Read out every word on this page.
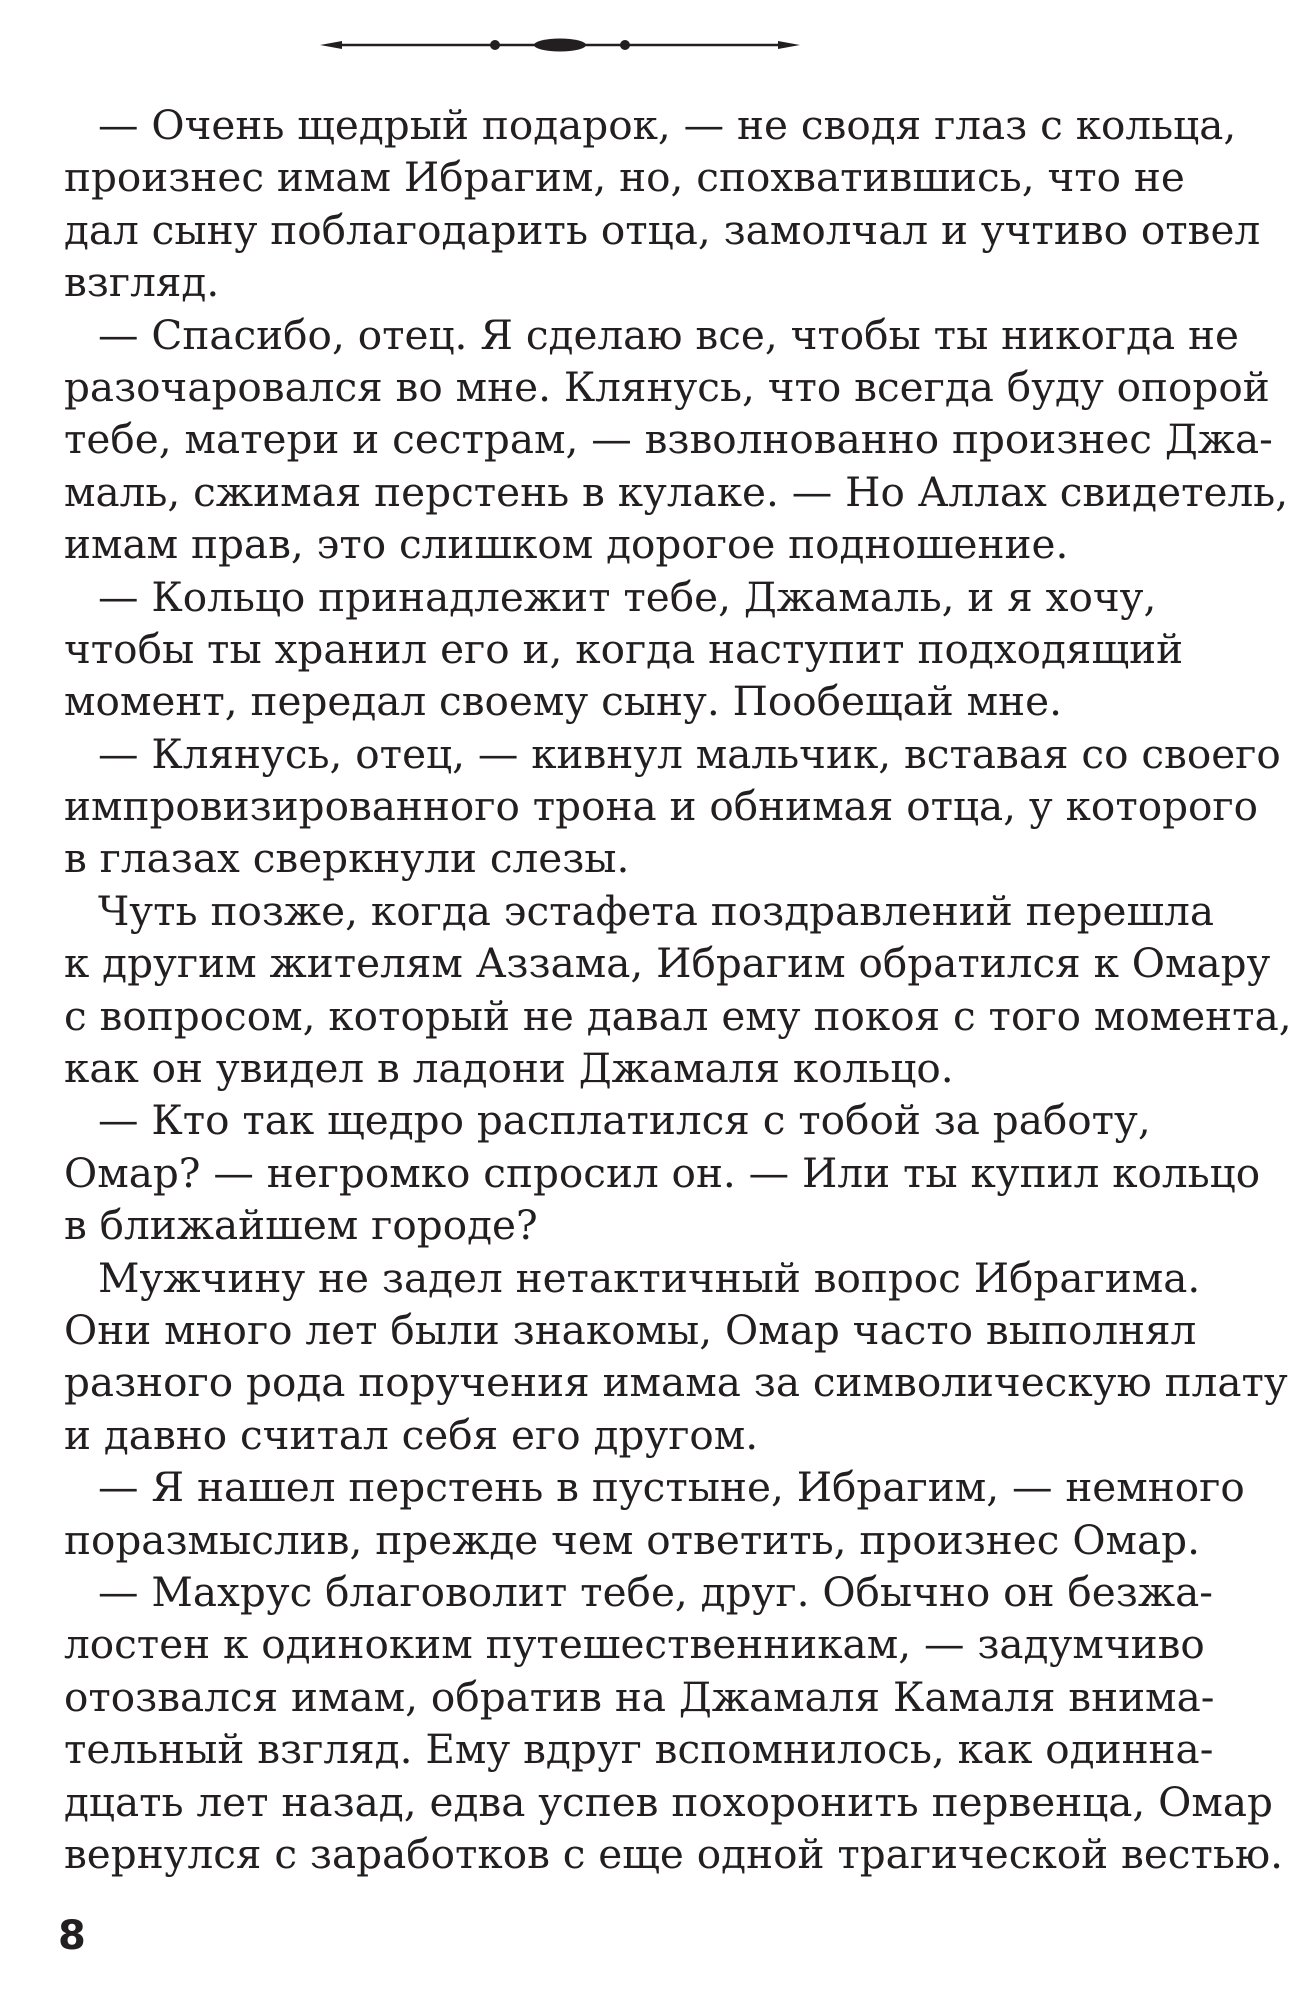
— Очень щедрый подарок, — не сводя глаз с кольца,
произнес имам Ибрагим, но, спохватившись, что не
дал сыну поблагодарить отца, замолчал и учтиво отвел
взгляд.
— Спасибо, отец. Я сделаю все, чтобы ты никогда не
разочаровался во мне. Клянусь, что всегда буду опорой
тебе, матери и сестрам, — взволнованно произнес Джа-
маль, сжимая перстень в кулаке. — Но Аллах свидетель,
имам прав, это слишком дорогое подношение.
— Кольцо принадлежит тебе, Джамаль, и я хочу,
чтобы ты хранил его и, когда наступит подходящий
момент, передал своему сыну. Пообещай мне.
— Клянусь, отец, — кивнул мальчик, вставая со своего
импровизированного трона и обнимая отца, у которого
в глазах сверкнули слезы.
Чуть позже, когда эстафета поздравлений перешла
к другим жителям Аззама, Ибрагим обратился к Омару
с вопросом, который не давал ему покоя с того момента,
как он увидел в ладони Джамаля кольцо.
— Кто так щедро расплатился с тобой за работу,
Омар? — негромко спросил он. — Или ты купил кольцо
в ближайшем городе?
Мужчину не задел нетактичный вопрос Ибрагима.
Они много лет были знакомы, Омар часто выполнял
разного рода поручения имама за символическую плату
и давно считал себя его другом.
— Я нашел перстень в пустыне, Ибрагим, — немного
поразмыслив, прежде чем ответить, произнес Омар.
— Махрус благоволит тебе, друг. Обычно он безжа-
лостен к одиноким путешественникам, — задумчиво
отозвался имам, обратив на Джамаля Камаля внима-
тельный взгляд. Ему вдруг вспомнилось, как одинна-
дцать лет назад, едва успев похоронить первенца, Омар
вернулся с заработков с еще одной трагической вестью.
8
